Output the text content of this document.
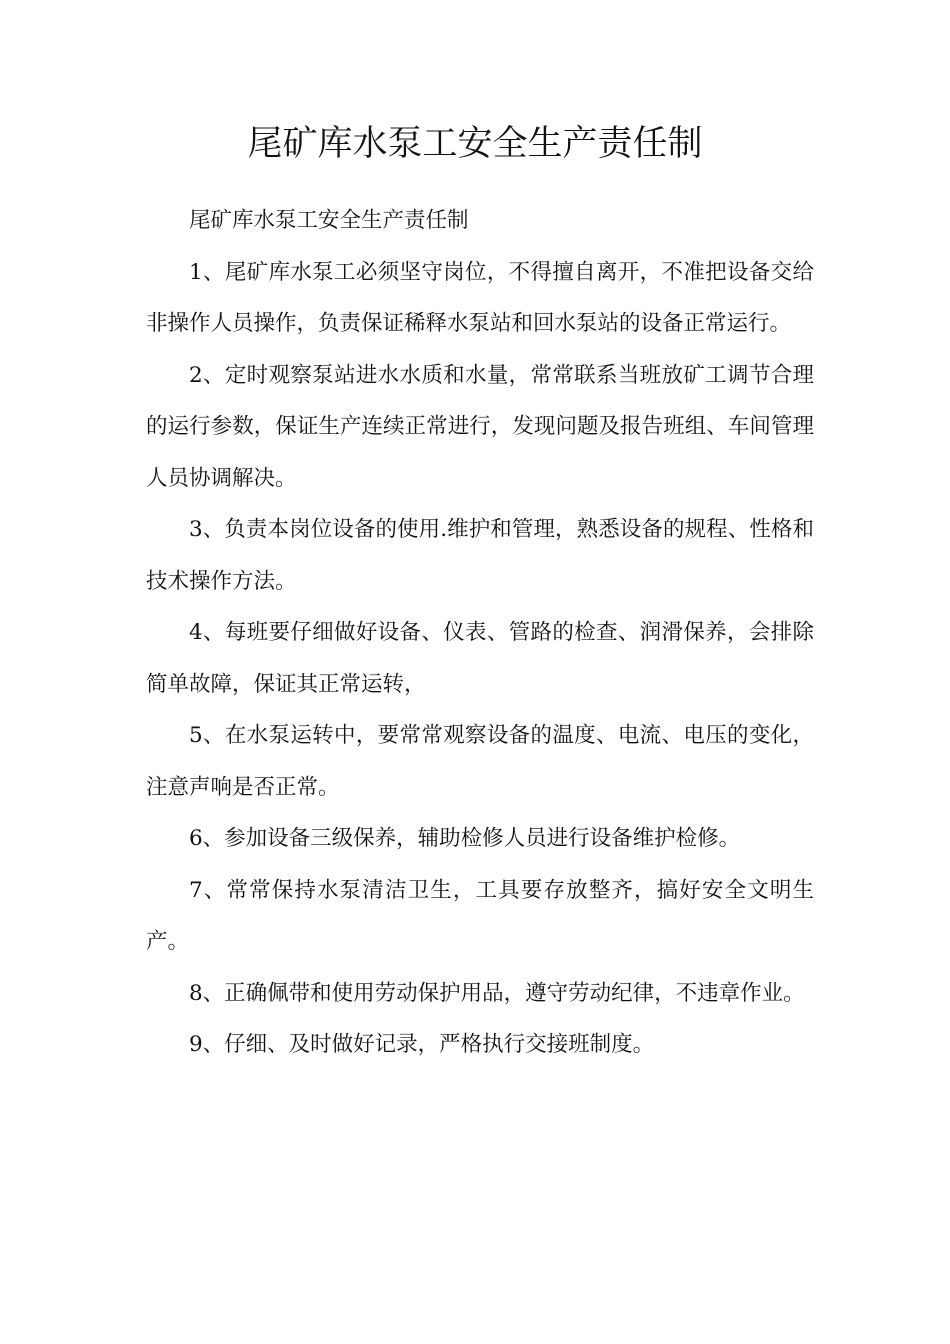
尾矿库水泵工安全生产责任制

尾矿库水泵工安全生产责任制

1、尾矿库水泵工必须坚守岗位，不得擅自离开，不准把设备交给非操作人员操作，负责保证稀释水泵站和回水泵站的设备正常运行。

2、定时观察泵站进水水质和水量，常常联系当班放矿工调节合理的运行参数，保证生产连续正常进行，发现问题及报告班组、车间管理人员协调解决。

3、负责本岗位设备的使用.维护和管理，熟悉设备的规程、性格和技术操作方法。

4、每班要仔细做好设备、仪表、管路的检查、润滑保养，会排除简单故障，保证其正常运转，

5、在水泵运转中，要常常观察设备的温度、电流、电压的变化，注意声响是否正常。

6、参加设备三级保养，辅助检修人员进行设备维护检修。

7、常常保持水泵清洁卫生，工具要存放整齐，搞好安全文明生产。

8、正确佩带和使用劳动保护用品，遵守劳动纪律，不违章作业。

9、仔细、及时做好记录，严格执行交接班制度。
